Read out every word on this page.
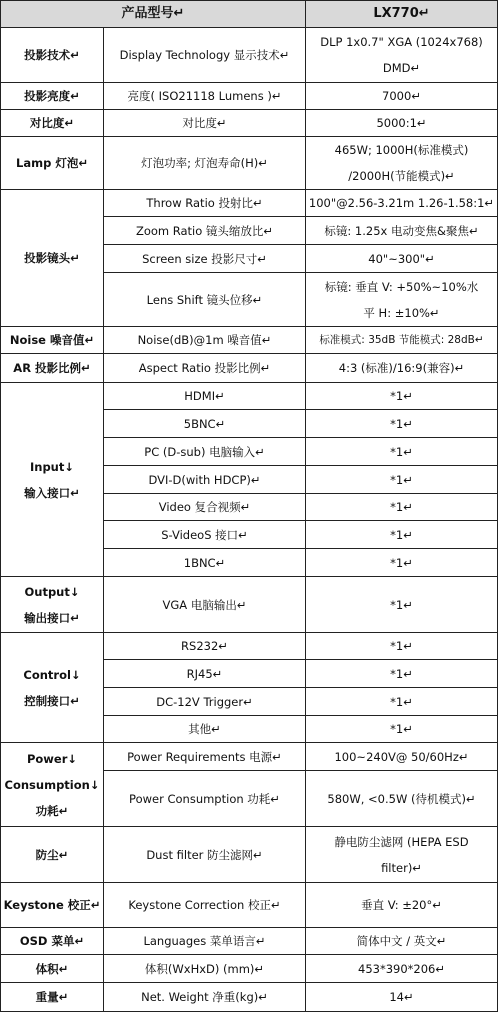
产品型号↵		LX770↵
投影技术↵	Display Technology 显示技术↵	DLP 1x0.7" XGA (1024x768)
DMD↵

投影亮度↵	亮度( ISO21118 Lumens )↵	7000↵
对比度↵	对比度↵	5000:1↵
Lamp 灯泡↵	灯泡功率; 灯泡寿命(H)↵	465W; 1000H(标准模式)
/2000H(节能模式)↵

投影镜头↵	Throw Ratio 投射比↵	100"@2.56-3.21m 1.26-1.58:1↵
	Zoom Ratio 镜头缩放比↵	标镜: 1.25x 电动变焦&聚焦↵
	Screen size 投影尺寸↵	40"~300"↵
	Lens Shift 镜头位移↵	标镜: 垂直 V: +50%~10%水
平 H: ±10%↵

Noise 噪音值↵	Noise(dB)@1m 噪音值↵	标准模式: 35dB 节能模式: 28dB↵
AR 投影比例↵	Aspect Ratio 投影比例↵	4:3 (标准)/16:9(兼容)↵

Input↓
输入接口↵	HDMI↵	*1↵
	5BNC↵	*1↵
	PC (D-sub) 电脑输入↵	*1↵
	DVI-D(with HDCP)↵	*1↵
	Video 复合视频↵	*1↵
	S-VideoS 接口↵	*1↵
	1BNC↵	*1↵

Output↓
输出接口↵	VGA 电脑输出↵	*1↵

Control↓
控制接口↵	RS232↵	*1↵
	RJ45↵	*1↵
	DC-12V Trigger↵	*1↵
	其他↵	*1↵

Power↓
Consumption↓
功耗↵	Power Requirements 电源↵	100~240V@ 50/60Hz↵
	Power Consumption 功耗↵	580W, <0.5W (待机模式)↵
防尘↵	Dust filter 防尘滤网↵	静电防尘滤网 (HEPA ESD
filter)↵

Keystone 校正↵	Keystone Correction 校正↵	垂直 V: ±20°↵
OSD 菜单↵	Languages 菜单语言↵	简体中文 / 英文↵
体积↵	体积(WxHxD) (mm)↵	453*390*206↵
重量↵	Net. Weight 净重(kg)↵	14↵
